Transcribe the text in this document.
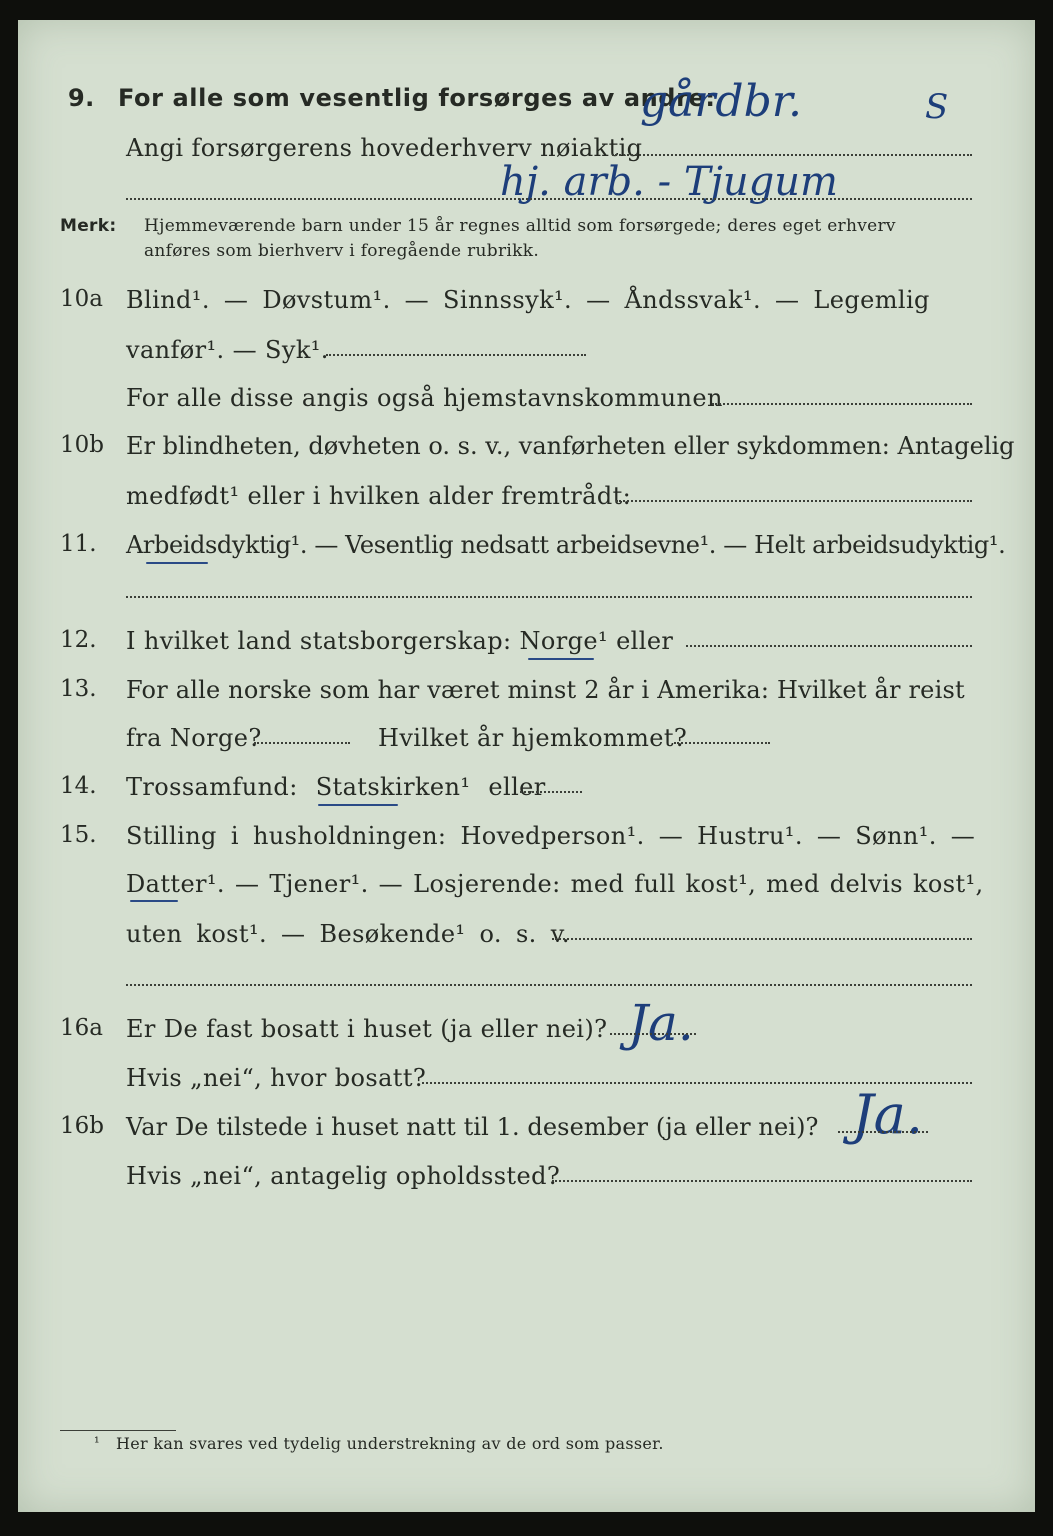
9. For alle som vesentlig forsørges av andre:
gårdbr.	S
Angi forsørgerens hovederhverv nøiaktig
hj. arb. - Tjugum
Merk: Hjemmeværende barn under 15 år regnes alltid som forsørgede; deres eget erhverv
anføres som bierhverv i foregående rubrikk.
10a Blind¹. — Døvstum¹. — Sinnssyk¹. — Åndssvak¹. — Legemlig
vanfør¹. — Syk¹.
For alle disse angis også hjemstavnskommunen
10b Er blindheten, døvheten o. s. v., vanførheten eller sykdommen: Antagelig
medfødt¹ eller i hvilken alder fremtrådt:
11. Arbeidsdyktig¹. — Vesentlig nedsatt arbeidsevne¹. — Helt arbeidsudyktig¹.
12. I hvilket land statsborgerskap: Norge¹ eller
13. For alle norske som har været minst 2 år i Amerika: Hvilket år reist
fra Norge?	Hvilket år hjemkommet?
14. Trossamfund: Statskirken¹ eller
15. Stilling i husholdningen: Hovedperson¹. — Hustru¹. — Sønn¹. —
Datter¹. — Tjener¹. — Losjerende: med full kost¹, med delvis kost¹,
uten kost¹. — Besøkende¹ o. s. v.
16a Er De fast bosatt i huset (ja eller nei)? Ja.
Hvis „nei“, hvor bosatt?
16b Var De tilstede i huset natt til 1. desember (ja eller nei)? Ja.
Hvis „nei“, antagelig opholdssted?
¹ Her kan svares ved tydelig understrekning av de ord som passer.
